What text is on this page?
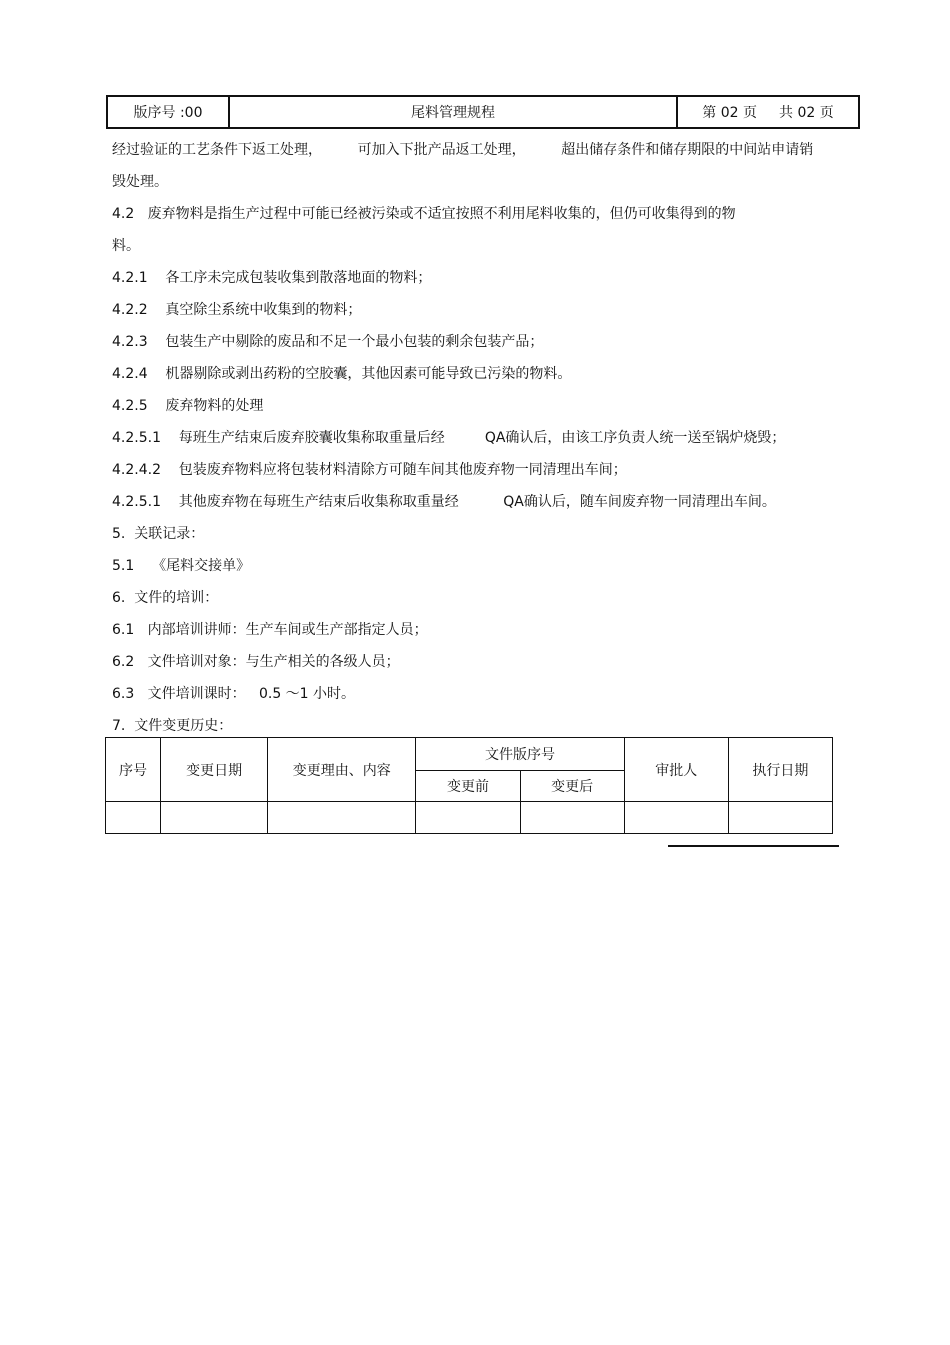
版序号 :00	尾料管理规程	第 02 页 共 02 页
经过验证的工艺条件下返工处理，        可加入下批产品返工处理，        超出储存条件和储存期限的中间站申请销
毁处理。
4.2   废弃物料是指生产过程中可能已经被污染或不适宜按照不利用尾料收集的，但仍可收集得到的物
料。
4.2.1    各工序未完成包装收集到散落地面的物料；
4.2.2    真空除尘系统中收集到的物料；
4.2.3    包装生产中剔除的废品和不足一个最小包装的剩余包装产品；
4.2.4    机器剔除或剥出药粉的空胶囊，其他因素可能导致已污染的物料。
4.2.5    废弃物料的处理
4.2.5.1    每班生产结束后废弃胶囊收集称取重量后经         QA确认后，由该工序负责人统一送至锅炉烧毁；
4.2.4.2    包装废弃物料应将包装材料清除方可随车间其他废弃物一同清理出车间；
4.2.5.1    其他废弃物在每班生产结束后收集称取重量经          QA确认后，随车间废弃物一同清理出车间。
5.  关联记录：
5.1    《尾料交接单》
6.  文件的培训：
6.1   内部培训讲师：生产车间或生产部指定人员；
6.2   文件培训对象：与生产相关的各级人员；
6.3   文件培训课时：   0.5 ～1 小时。
7.  文件变更历史：
序号	变更日期	变更理由、内容	文件版序号		审批人	执行日期
			变更前	变更后		
